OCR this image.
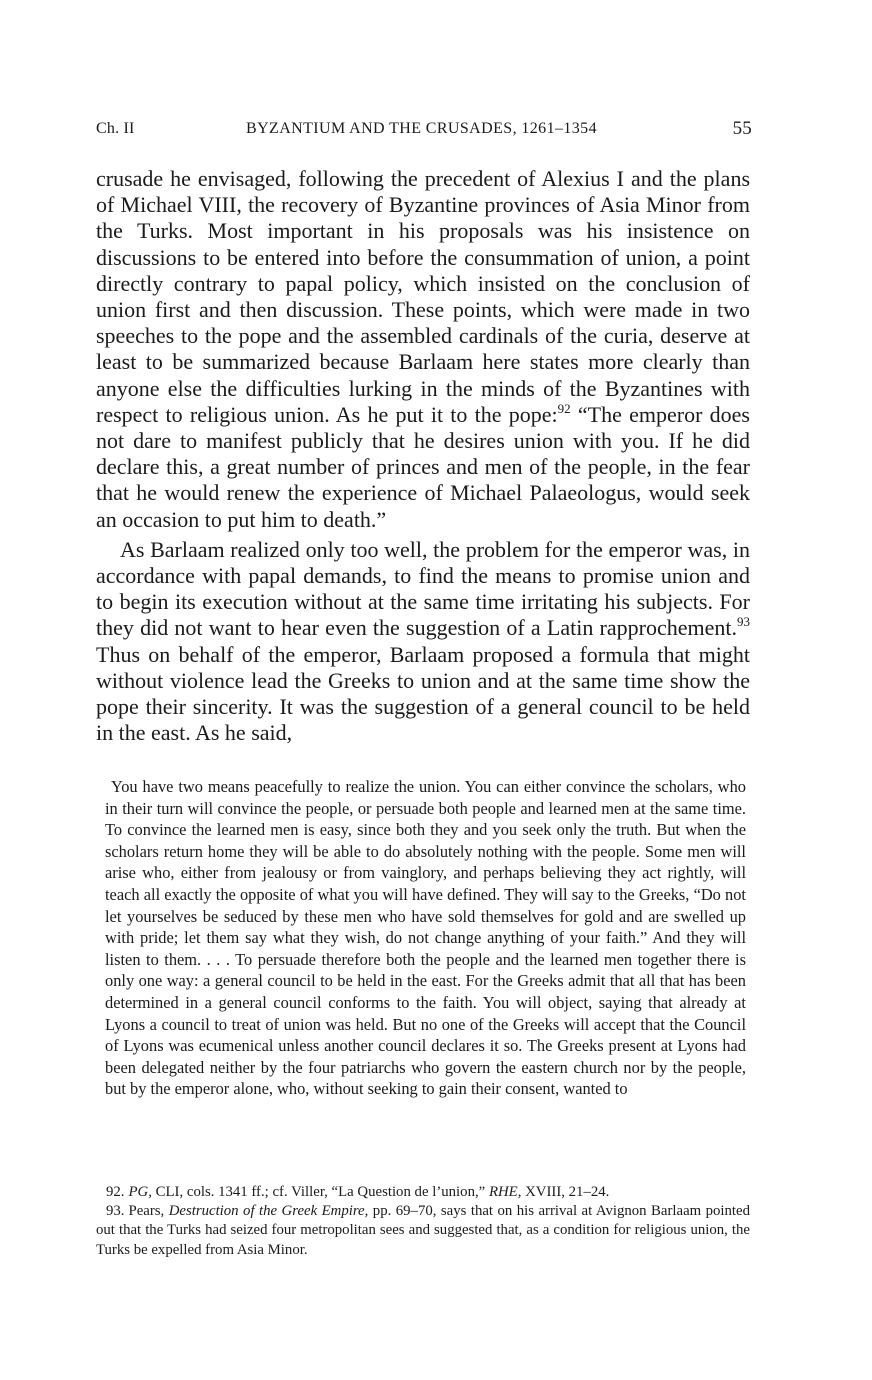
Ch. II	BYZANTIUM AND THE CRUSADES, 1261–1354	55

crusade he envisaged, following the precedent of Alexius I and the plans of Michael VIII, the recovery of Byzantine provinces of Asia Minor from the Turks. Most important in his proposals was his insistence on discussions to be entered into before the consummation of union, a point directly contrary to papal policy, which insisted on the conclusion of union first and then discussion. These points, which were made in two speeches to the pope and the assembled cardinals of the curia, deserve at least to be summarized because Barlaam here states more clearly than anyone else the difficulties lurking in the minds of the Byzantines with respect to religious union. As he put it to the pope:$^{92}$ “The emperor does not dare to manifest publicly that he desires union with you. If he did declare this, a great number of princes and men of the people, in the fear that he would renew the experience of Michael Palaeologus, would seek an occasion to put him to death.”

As Barlaam realized only too well, the problem for the emperor was, in accordance with papal demands, to find the means to promise union and to begin its execution without at the same time irritating his subjects. For they did not want to hear even the suggestion of a Latin rapprochement.$^{93}$ Thus on behalf of the emperor, Barlaam proposed a formula that might without violence lead the Greeks to union and at the same time show the pope their sincerity. It was the suggestion of a general council to be held in the east. As he said,

You have two means peacefully to realize the union. You can either convince the scholars, who in their turn will convince the people, or persuade both people and learned men at the same time. To convince the learned men is easy, since both they and you seek only the truth. But when the scholars return home they will be able to do absolutely nothing with the people. Some men will arise who, either from jealousy or from vainglory, and perhaps believing they act rightly, will teach all exactly the opposite of what you will have defined. They will say to the Greeks, “Do not let yourselves be seduced by these men who have sold themselves for gold and are swelled up with pride; let them say what they wish, do not change anything of your faith.” And they will listen to them. . . . To persuade therefore both the people and the learned men together there is only one way: a general council to be held in the east. For the Greeks admit that all that has been determined in a general council conforms to the faith. You will object, saying that already at Lyons a council to treat of union was held. But no one of the Greeks will accept that the Council of Lyons was ecumenical unless another council declares it so. The Greeks present at Lyons had been delegated neither by the four patriarchs who govern the eastern church nor by the people, but by the emperor alone, who, without seeking to gain their consent, wanted to

92. PG, CLI, cols. 1341 ff.; cf. Viller, “La Question de l’union,” RHE, XVIII, 21–24.

93. Pears, Destruction of the Greek Empire, pp. 69–70, says that on his arrival at Avignon Barlaam pointed out that the Turks had seized four metropolitan sees and suggested that, as a condition for religious union, the Turks be expelled from Asia Minor.
